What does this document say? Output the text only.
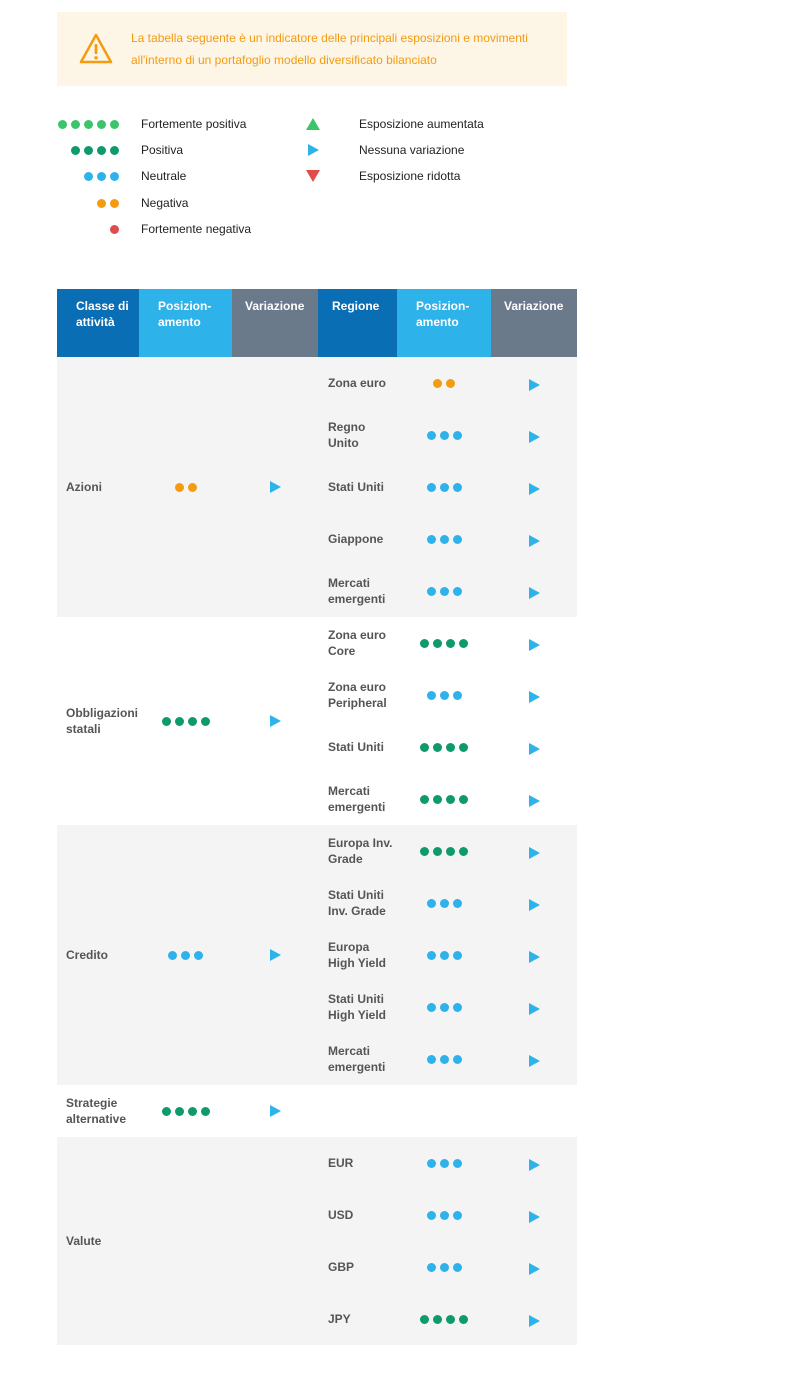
La tabella seguente è un indicatore delle principali esposizioni e movimenti
all'interno di un portafoglio modello diversificato bilanciato
Fortemente positiva
Positiva
Neutrale
Negativa
Fortemente negativa
Esposizione aumentata
Nessuna variazione
Esposizione ridotta
Classe di attività
Posizion-amento
Variazione	Regione	Posizion-amento
Variazione
Azioni
Zona euro
Regno Unito
Stati Uniti
Giappone
Mercati emergenti
Obbligazioni statali
Zona euro Core
Zona euro Peripheral
Stati Uniti
Mercati emergenti
Credito
Europa Inv. Grade
Stati Uniti Inv. Grade
Europa High Yield
Stati Uniti High Yield
Mercati emergenti
Strategie alternative
Valute
EUR
USD
GBP
JPY
